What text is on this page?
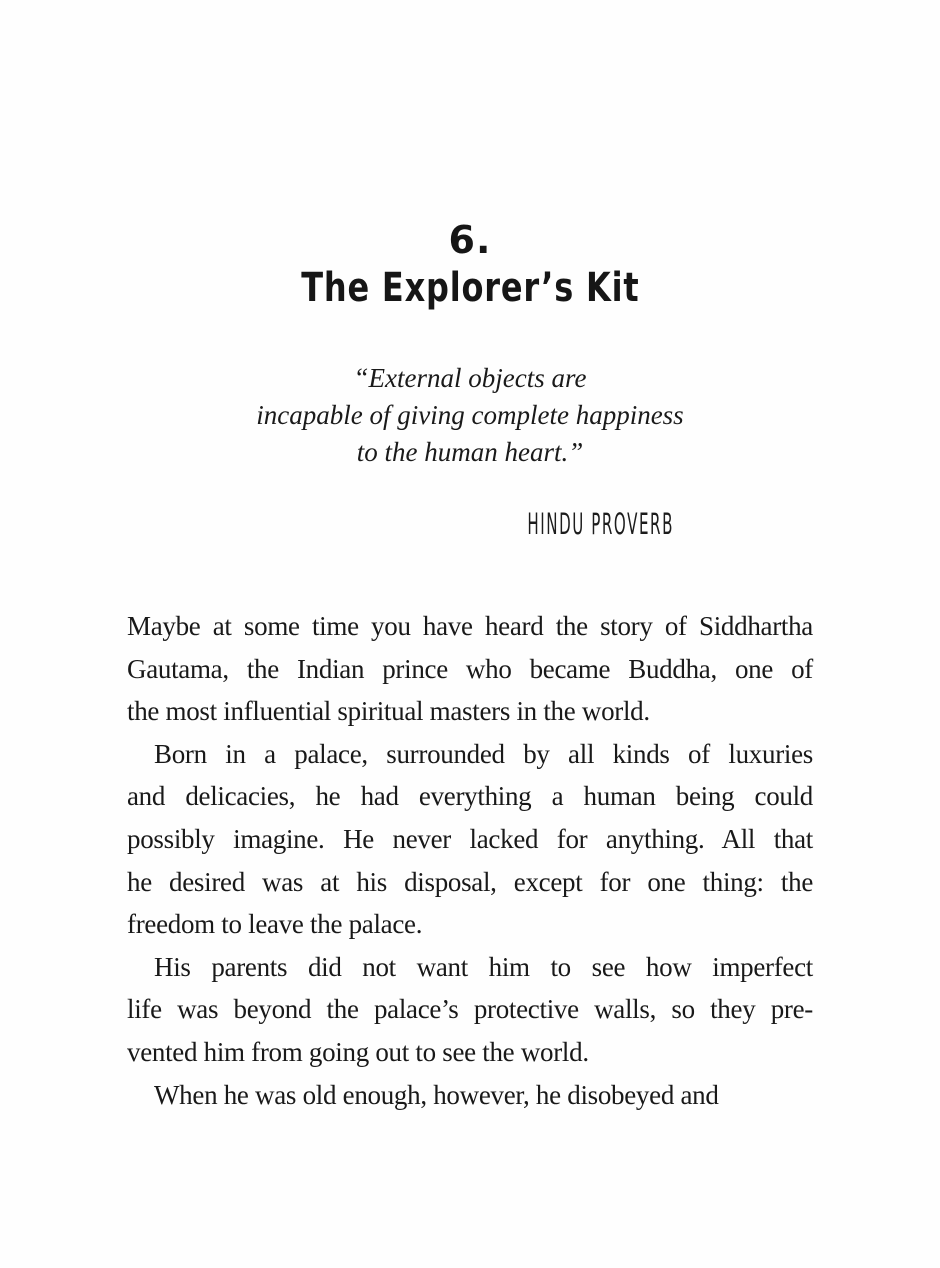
6.
The Explorer’s Kit
“External objects are
incapable of giving complete happiness
to the human heart.”
HINDU PROVERB
Maybe at some time you have heard the story of Siddhartha
Gautama, the Indian prince who became Buddha, one of
the most influential spiritual masters in the world.
Born in a palace, surrounded by all kinds of luxuries
and delicacies, he had everything a human being could
possibly imagine. He never lacked for anything. All that
he desired was at his disposal, except for one thing: the
freedom to leave the palace.
His parents did not want him to see how imperfect
life was beyond the palace’s protective walls, so they pre-
vented him from going out to see the world.
When he was old enough, however, he disobeyed and
